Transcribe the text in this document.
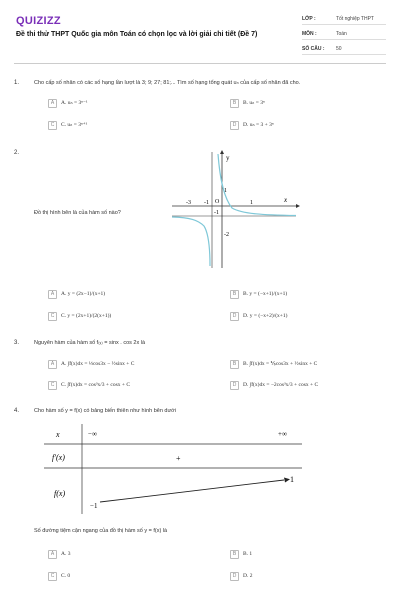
QUIZIZZ
Đề thi thử THPT Quốc gia môn Toán có chọn lọc và lời giải chi tiết (Đề 7)
LỚP :	Tốt nghiệp THPT
MÔN :	Toán
SỐ CÂU : 50
1.	Cho cấp số nhân có các số hạng lần lượt là 3; 9; 27; 81;... Tìm số hạng tổng quát uₙ của cấp số nhân đã cho.
A	A. uₙ = 3ⁿ⁻¹	B	B. uₙ = 3ⁿ
C	C. uₙ = 3ⁿ⁺¹	D	D. uₙ = 3 + 3ⁿ
2.
Đồ thị hình bên là của hàm số nào?
y
x
O
-3 -1	1
1
-1
-2
A	A. y = (2x−1)/(x+1)	B	B. y = (−x+1)/(x+1)
C	C. y = (2x+1)/(2(x+1))	D	D. y = (−x+2)/(x+1)
3.	Nguyên hàm của hàm số f₍ₓ₎ = sinx . cos 2x là
A	A. ∫f(x)dx = ⅓cos3x − ½sinx + C	B	B. ∫f(x)dx = ⅙cos3x + ½sinx + C
C	C. ∫f(x)dx = cos³x/3 + cosx + C	D	D. ∫f(x)dx = −2cos³x/3 + cosx + C
4.	Cho hàm số y = f(x) có bảng biến thiên như hình bên dưới
x
f′(x)
f(x)
−∞	+∞
+
−1
1
Số đường tiệm cận ngang của đồ thị hàm số y = f(x) là
A	A. 3	B	B. 1
C	C. 0	D	D. 2
